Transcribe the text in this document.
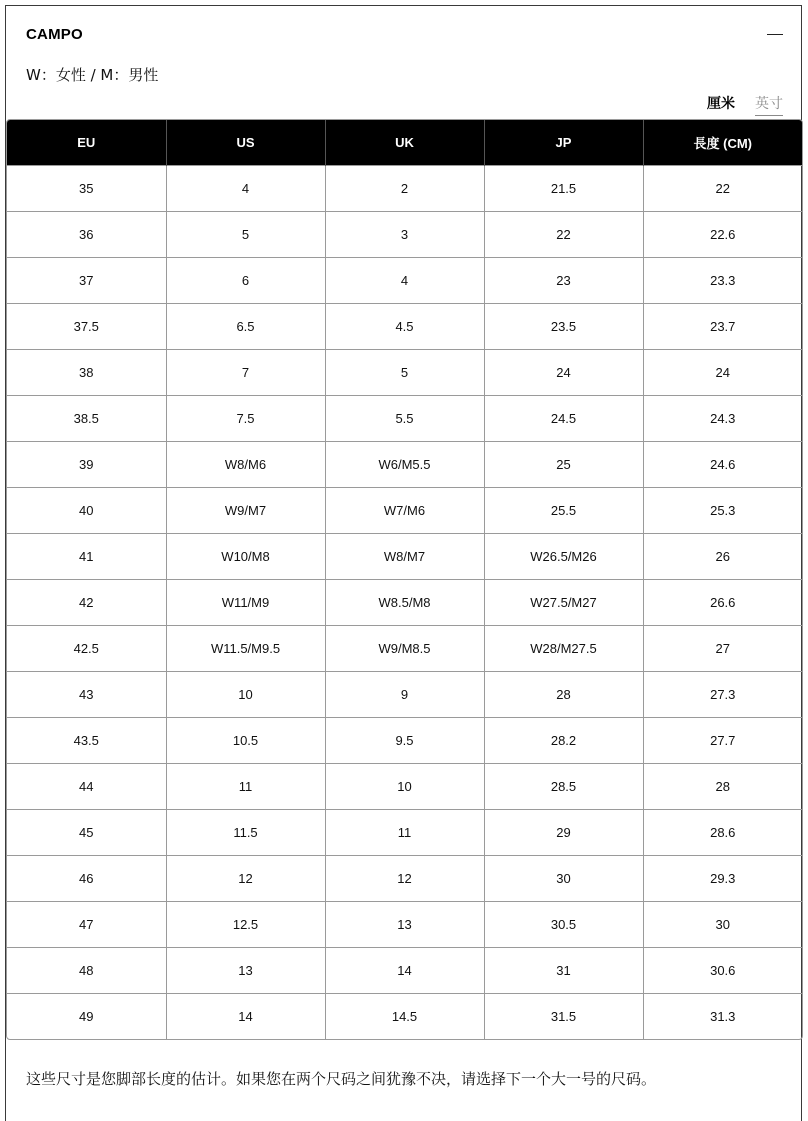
CAMPO
W：女性 / M：男性
厘米 英寸
EU	US	UK	JP	長度 (CM)
35	4	2	21.5	22
36	5	3	22	22.6
37	6	4	23	23.3
37.5	6.5	4.5	23.5	23.7
38	7	5	24	24
38.5	7.5	5.5	24.5	24.3
39	W8/M6	W6/M5.5	25	24.6
40	W9/M7	W7/M6	25.5	25.3
41	W10/M8	W8/M7	W26.5/M26	26
42	W11/M9	W8.5/M8	W27.5/M27	26.6
42.5	W11.5/M9.5	W9/M8.5	W28/M27.5	27
43	10	9	28	27.3
43.5	10.5	9.5	28.2	27.7
44	11	10	28.5	28
45	11.5	11	29	28.6
46	12	12	30	29.3
47	12.5	13	30.5	30
48	13	14	31	30.6
49	14	14.5	31.5	31.3
这些尺寸是您脚部长度的估计。如果您在两个尺码之间犹豫不决，请选择下一个大一号的尺码。
